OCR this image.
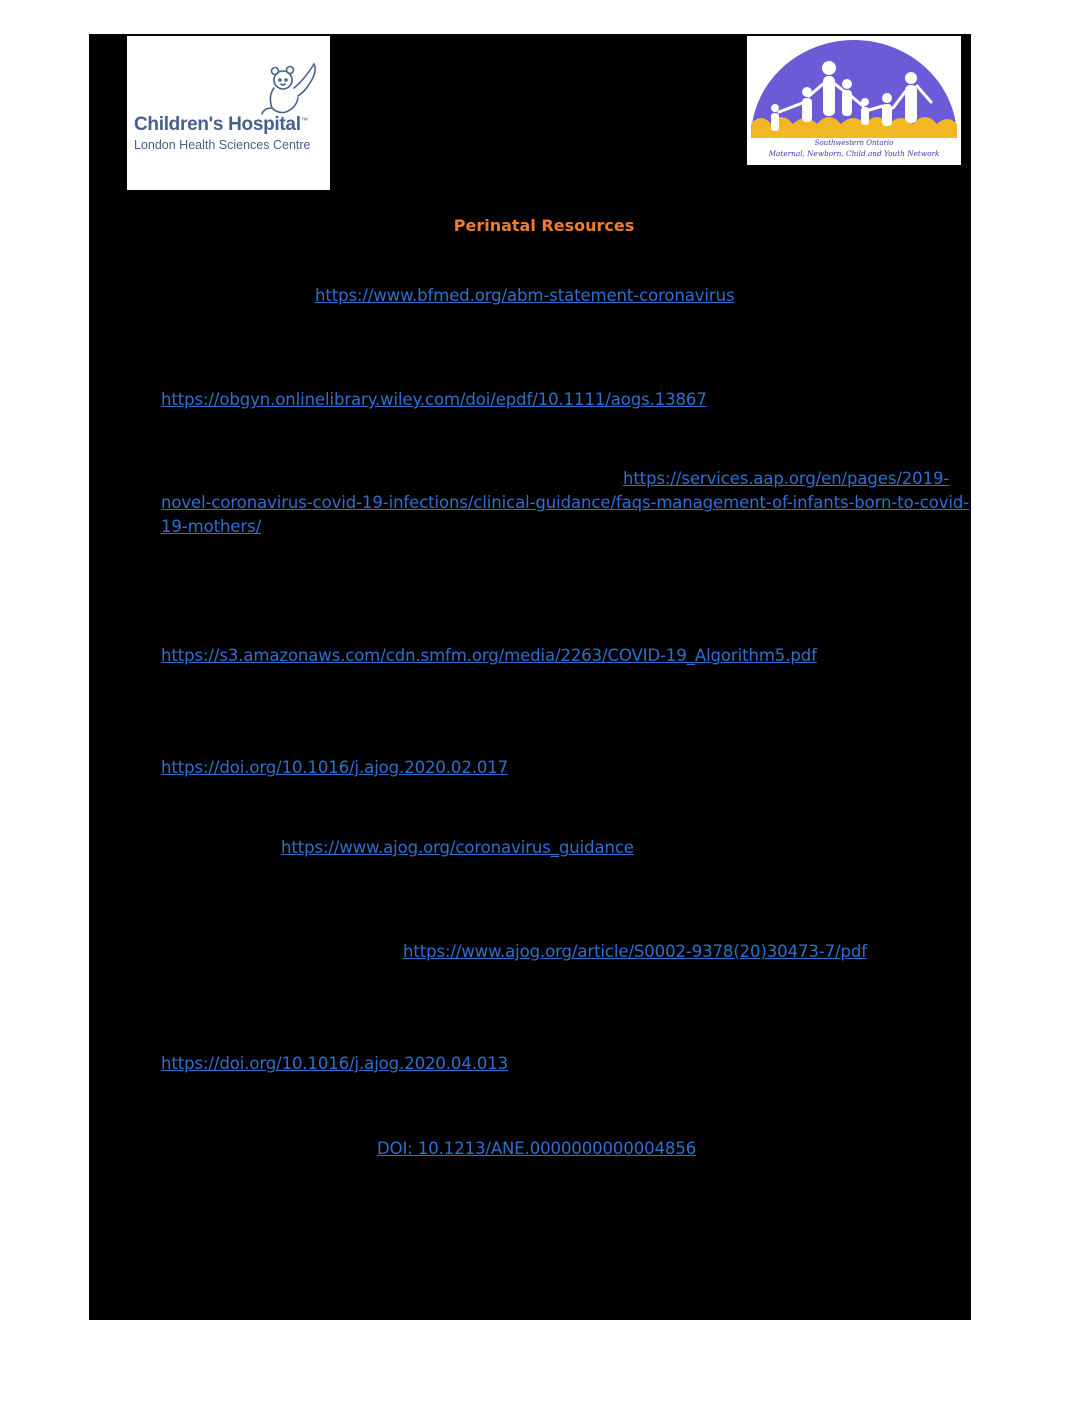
Children's Hospital™
London Health Sciences Centre	Southwestern Ontario
Maternal, Newborn, Child and Youth Network
Perinatal Resources
https://www.bfmed.org/abm-statement-coronavirus
https://obgyn.onlinelibrary.wiley.com/doi/epdf/10.1111/aogs.13867
https://services.aap.org/en/pages/2019-
novel-coronavirus-covid-19-infections/clinical-guidance/faqs-management-of-infants-born-to-covid-
19-mothers/
https://s3.amazonaws.com/cdn.smfm.org/media/2263/COVID-19_Algorithm5.pdf
https://doi.org/10.1016/j.ajog.2020.02.017
https://www.ajog.org/coronavirus_guidance
https://www.ajog.org/article/S0002-9378(20)30473-7/pdf
https://doi.org/10.1016/j.ajog.2020.04.013
DOI: 10.1213/ANE.0000000000004856
